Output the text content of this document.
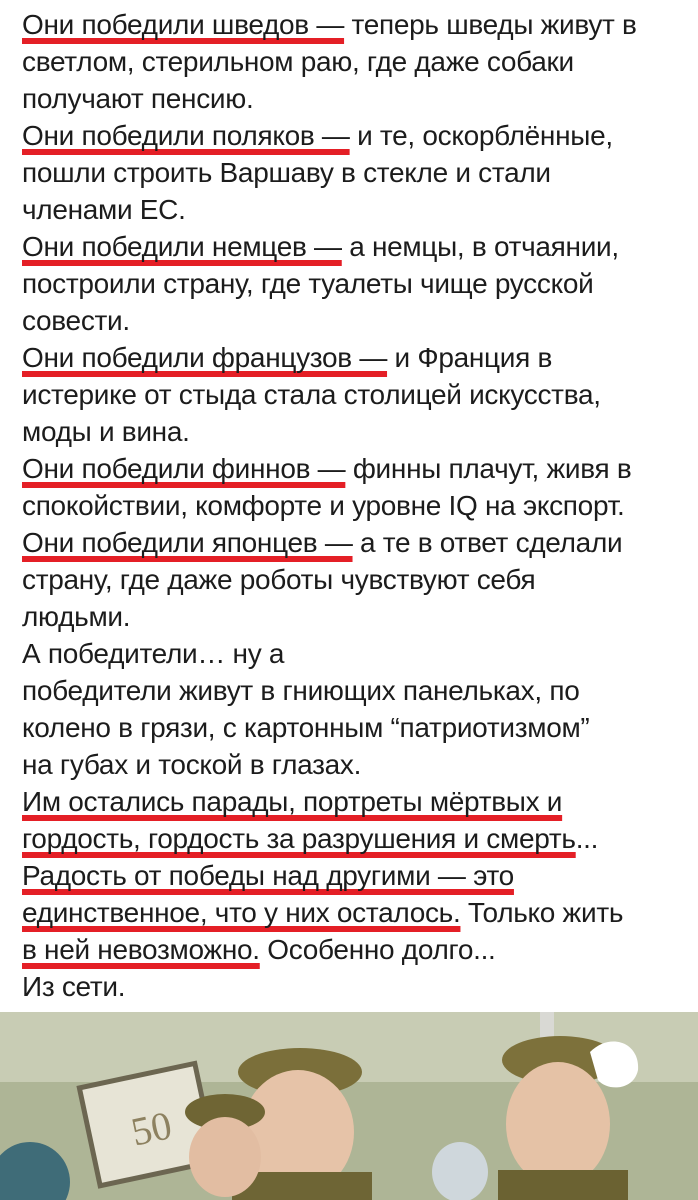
Они победили шведов — теперь шведы живут в
светлом, стерильном раю, где даже собаки
получают пенсию.
Они победили поляков — и те, оскорблённые,
пошли строить Варшаву в стекле и стали
членами ЕС.
Они победили немцев — а немцы, в отчаянии,
построили страну, где туалеты чище русской
совести.
Они победили французов — и Франция в
истерике от стыда стала столицей искусства,
моды и вина.
Они победили финнов — финны плачут, живя в
спокойствии, комфорте и уровне IQ на экспорт.
Они победили японцев — а те в ответ сделали
страну, где даже роботы чувствуют себя
людьми.
А победители… ну а
победители живут в гниющих панельках, по
колено в грязи, с картонным “патриотизмом”
на губах и тоской в глазах.
Им остались парады, портреты мёртвых и
гордость, гордость за разрушения и смерть...
Радость от победы над другими — это
единственное, что у них осталось. Только жить
в ней невозможно. Особенно долго...
Из сети.
50
